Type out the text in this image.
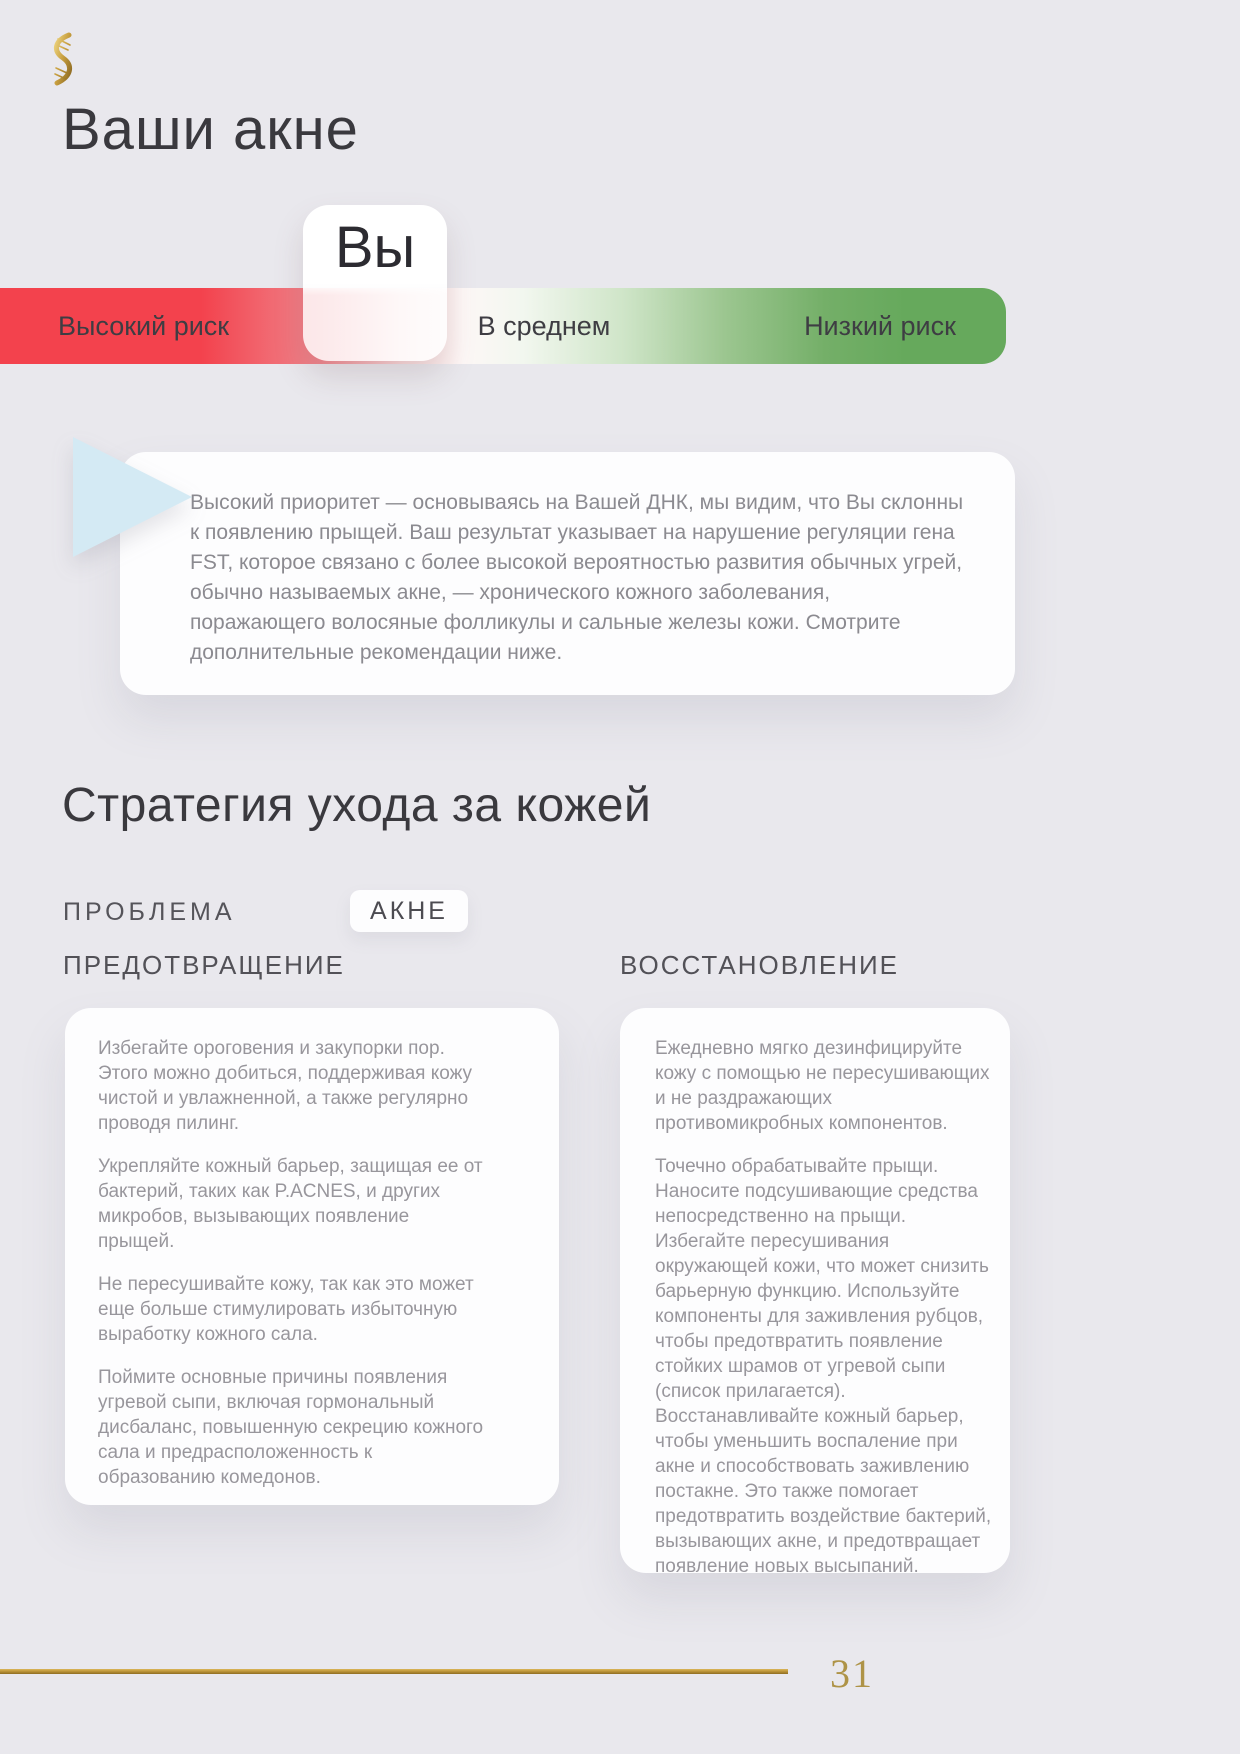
Ваши акне
Высокий риск	В среднем	Низкий риск
Вы
Высокий приоритет — основываясь на Вашей ДНК, мы видим, что Вы склонны к появлению прыщей. Ваш результат указывает на нарушение регуляции гена FST, которое связано с более высокой вероятностью развития обычных угрей, обычно называемых акне, — хронического кожного заболевания, поражающего волосяные фолликулы и сальные железы кожи. Смотрите дополнительные рекомендации ниже.
Стратегия ухода за кожей
ПРОБЛЕМА	АКНЕ
ПРЕДОТВРАЩЕНИЕ	ВОССТАНОВЛЕНИЕ

Избегайте ороговения и закупорки пор. Этого можно добиться, поддерживая кожу чистой и увлажненной, а также регулярно проводя пилинг.

Укрепляйте кожный барьер, защищая ее от бактерий, таких как P.ACNES, и других микробов, вызывающих появление прыщей.

Не пересушивайте кожу, так как это может еще больше стимулировать избыточную выработку кожного сала.

Поймите основные причины появления угревой сыпи, включая гормональный дисбаланс, повышенную секрецию кожного сала и предрасположенность к образованию комедонов.

Ежедневно мягко дезинфицируйте кожу с помощью не пересушивающих и не раздражающих противомикробных компонентов.

Точечно обрабатывайте прыщи. Наносите подсушивающие средства непосредственно на прыщи. Избегайте пересушивания окружающей кожи, что может снизить барьерную функцию. Используйте компоненты для заживления рубцов, чтобы предотвратить появление стойких шрамов от угревой сыпи (список прилагается). Восстанавливайте кожный барьер, чтобы уменьшить воспаление при акне и способствовать заживлению постакне. Это также помогает предотвратить воздействие бактерий, вызывающих акне, и предотвращает появление новых высыпаний.

31
